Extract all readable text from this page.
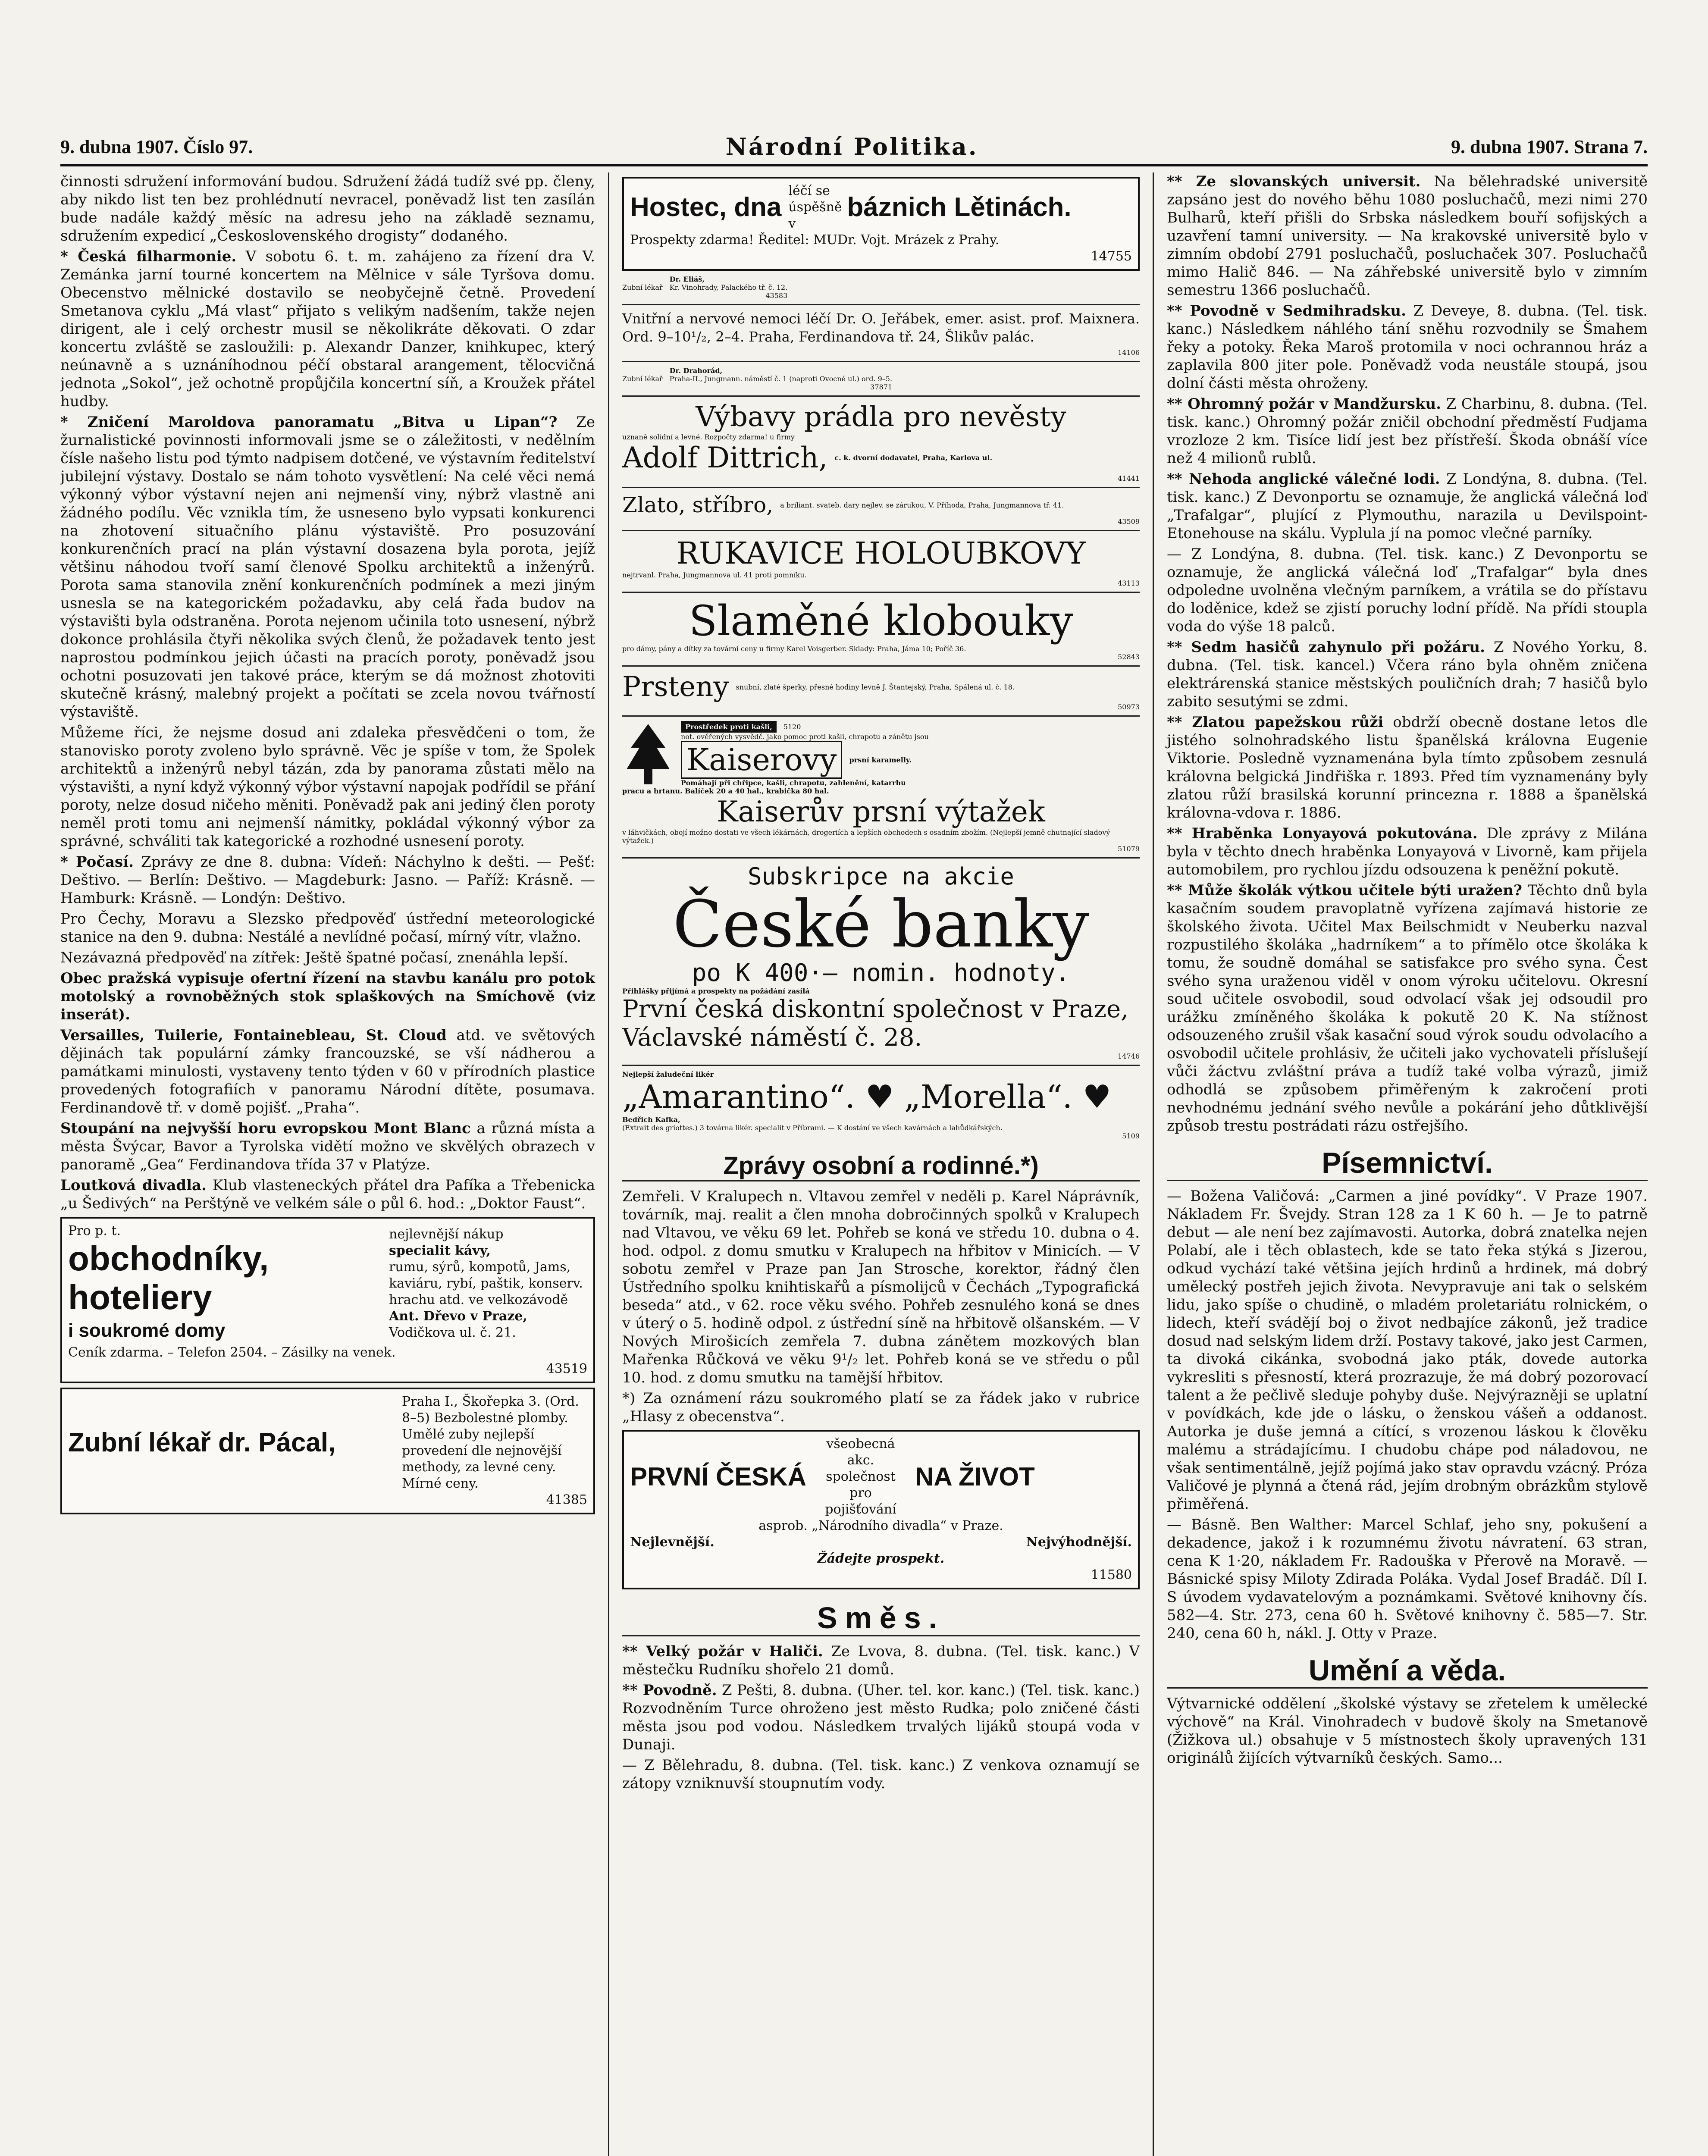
9. dubna 1907. Číslo 97.	Národní Politika.	9. dubna 1907. Strana 7.

činnosti sdružení informování budou. Sdružení žádá tudíž své pp. členy, aby nikdo list ten bez prohlédnutí nevracel, poněvadž list ten zasílán bude nadále každý měsíc na adresu jeho na základě seznamu, sdružením expedicí „Československého drogisty“ dodaného.

* Česká filharmonie. V sobotu 6. t. m. zahájeno za řízení dra V. Zemánka jarní tourné koncertem na Mělnice v sále Tyršova domu. Obecenstvo mělnické dostavilo se neobyčejně četně. Provedení Smetanova cyklu „Má vlast“ přijato s velikým nadšením, takže nejen dirigent, ale i celý orchestr musil se několikráte děkovati. O zdar koncertu zvláště se zasloužili: p. Alexandr Danzer, knihkupec, který neúnavně a s uznáníhodnou péčí obstaral arangement, tělocvičná jednota „Sokol“, jež ochotně propůjčila koncertní síň, a Kroužek přátel hudby.

* Zničení Maroldova panoramatu „Bitva u Lipan“? Ze žurnalistické povinnosti informovali jsme se o záležitosti, v nedělním čísle našeho listu pod týmto nadpisem dotčené, ve výstavním ředitelství jubilejní výstavy. Dostalo se nám tohoto vysvětlení: Na celé věci nemá výkonný výbor výstavní nejen ani nejmenší viny, nýbrž vlastně ani žádného podílu. Věc vznikla tím, že usneseno bylo vypsati konkurenci na zhotovení situačního plánu výstaviště. Pro posuzování konkurenčních prací na plán výstavní dosazena byla porota, jejíž většinu náhodou tvoří samí členové Spolku architektů a inženýrů. Porota sama stanovila znění konkurenčních podmínek a mezi jiným usnesla se na kategorickém požadavku, aby celá řada budov na výstavišti byla odstraněna. Porota nejenom učinila toto usnesení, nýbrž dokonce prohlásila čtyři několika svých členů, že požadavek tento jest naprostou podmínkou jejich účasti na pracích poroty, poněvadž jsou ochotni posuzovati jen takové práce, kterým se dá možnost zhotoviti skutečně krásný, malebný projekt a počítati se zcela novou tvářností výstaviště.

Můžeme říci, že nejsme dosud ani zdaleka přesvědčeni o tom, že stanovisko poroty zvoleno bylo správně. Věc je spíše v tom, že Spolek architektů a inženýrů nebyl tázán, zda by panorama zůstati mělo na výstavišti, a nyní když výkonný výbor výstavní napojak podřídil se přání poroty, nelze dosud ničeho měniti. Poněvadž pak ani jediný člen poroty neměl proti tomu ani nejmenší námitky, pokládal výkonný výbor za správné, schváliti tak kategorické a rozhodné usnesení poroty.

* Počasí. Zprávy ze dne 8. dubna: Vídeň: Náchylno k dešti. — Pešť: Deštivo. — Berlín: Deštivo. — Magdeburk: Jasno. — Paříž: Krásně. — Hamburk: Krásně. — Londýn: Deštivo.

Pro Čechy, Moravu a Slezsko předpověď ústřední meteorologické stanice na den 9. dubna: Nestálé a nevlídné počasí, mírný vítr, vlažno.

Nezávazná předpověď na zítřek: Ještě špatné počasí, znenáhla lepší.

Obec pražská vypisuje ofertní řízení na stavbu kanálu pro potok motolský a rovnoběžných stok splaškových na Smíchově (viz inserát).

Versailles, Tuilerie, Fontainebleau, St. Cloud atd. ve světových dějinách tak populární zámky francouzské, se vší nádherou a památkami minulosti, vystaveny tento týden v 60 v přírodních plastice provedených fotografiích v panoramu Národní dítěte, posumava. Ferdinandově tř. v domě pojišť. „Praha“.

Stoupání na nejvyšší horu evropskou Mont Blanc a různá místa a města Švýcar, Bavor a Tyrolska vidětí možno ve skvělých obrazech v panoramě „Gea“ Ferdinandova třída 37 v Platýze.

Loutková divadla. Klub vlasteneckých přátel dra Pafíka a Třebenicka „u Šedivých“ na Perštýně ve velkém sále o půl 6. hod.: „Doktor Faust“.

Pro p. t.
obchodníky,
hoteliery
i soukromé domy
nejlevnější nákup
specialit kávy,
rumu, sýrů, kompotů, Jams, kaviáru, rybí, paštik, konserv. hrachu atd. ve velkozávodě
Ant. Dřevo v Praze,
Vodičkova ul. č. 21.
Ceník zdarma. – Telefon 2504. – Zásilky na venek.
43519
Zubní lékař dr. Pácal,
Praha I., Škořepka 3. (Ord. 8–5) Bezbolestné plomby. Umělé zuby nejlepší provedení dle nejnovější methody, za levné ceny. Mírné ceny.
41385
Hostec, dna
léčí se úspěšně v
báznich Lětinách.
Prospekty zdarma! Ředitel: MUDr. Vojt. Mrázek z Prahy.
14755
Zubní lékař
Dr. Eliáš,
Kr. Vinohrady, Palackého tř. č. 12.
43583

Vnitřní a nervové nemoci léčí Dr. O. Jeřábek, emer. asist. prof. Maixnera. Ord. 9–10¹/₂, 2–4. Praha, Ferdinandova tř. 24, Šlikův palác.

14106
Zubní lékař
Dr. Drahorád,
Praha-II., Jungmann. náměstí č. 1 (naproti Ovocné ul.) ord. 9–5.
37871
Výbavy prádla pro nevěsty
uznaně solidní a levné. Rozpočty zdarma! u firmy
Adolf Dittrich, c. k. dvorní dodavatel, Praha, Karlova ul.
41441
Zlato, stříbro, a briliant. svateb. dary nejlev. se zárukou, V. Příhoda, Praha, Jungmannova tř. 41.
43509
RUKAVICE HOLOUBKOVY
nejtrvanl. Praha, Jungmannova ul. 41 proti pomníku.
43113
Slaměné klobouky
pro dámy, pány a dítky za tovární ceny u firmy Karel Voisgerber. Sklady: Praha, Jáma 10; Poříč 36.
52843
Prsteny snubní, zlaté šperky, přesné hodiny levně J. Štantejský, Praha, Spálená ul. č. 18.
50973
Prostředek proti kašli,	5120
not. ověřených vysvědč. jako pomoc proti kašli, chrapotu a zánětu jsou
Kaiserovy	prsní karamelly.
Pomáhají při chřipce, kašli, chrapotu, zahlenění, katarrhu
pracu a hrtanu. Balíček 20 a 40 hal., krabička 80 hal.
Kaiserův prsní výtažek
v láhvičkách, obojí možno dostati ve všech lékárnách, drogeriích a lepších obchodech s osadním zbožím. (Nejlepší jemně chutnající sladový výtažek.)
51079
Subskripce na akcie
České banky
po K 400·– nomin. hodnoty.
Přihlášky přijímá a prospekty na požádání zasílá
První česká diskontní společnost v Praze, Václavské náměstí č. 28.
14746
Nejlepší žaludeční likér
„Amarantino“. ♥ „Morella“. ♥
Bedřich Kafka,
(Extrait des griottes.) 3 továrna likér. specialit v Příbrami. — K dostání ve všech kavárnách a lahůdkářských.
5109
Zprávy osobní a rodinné.*)

Zemřeli. V Kralupech n. Vltavou zemřel v neděli p. Karel Náprávník, továrník, maj. realit a člen mnoha dobročinných spolků v Kralupech nad Vltavou, ve věku 69 let. Pohřeb se koná ve středu 10. dubna o 4. hod. odpol. z domu smutku v Kralupech na hřbitov v Minicích. — V sobotu zemřel v Praze pan Jan Strosche, korektor, řádný člen Ústředního spolku knihtiskařů a písmolijců v Čechách „Typografická beseda“ atd., v 62. roce věku svého. Pohřeb zesnulého koná se dnes v úterý o 5. hodině odpol. z ústřední síně na hřbitově olšanském. — V Nových Mirošicích zemřela 7. dubna zánětem mozkových blan Mařenka Růčková ve věku 9¹/₂ let. Pohřeb koná se ve středu o půl 10. hod. z domu smutku na tamější hřbitov.

*) Za oznámení rázu soukromého platí se za řádek jako v rubrice „Hlasy z obecenstva“.

PRVNÍ ČESKÁ
všeobecná akc. společnost pro pojišťování
NA ŽIVOT
asprob. „Národního divadla“ v Praze.
Nejlevnější.	Nejvýhodnější.
Žádejte prospekt.
11580
Směs.

** Velký požár v Haliči. Ze Lvova, 8. dubna. (Tel. tisk. kanc.) V městečku Rudníku shořelo 21 domů.

** Povodně. Z Pešti, 8. dubna. (Uher. tel. kor. kanc.) (Tel. tisk. kanc.) Rozvodněním Turce ohroženo jest město Rudka; polo zničené části města jsou pod vodou. Následkem trvalých lijáků stoupá voda v Dunaji.

— Z Bělehradu, 8. dubna. (Tel. tisk. kanc.) Z venkova oznamují se zátopy vzniknuvší stoupnutím vody.

** Ze slovanských universit. Na bělehradské universitě zapsáno jest do nového běhu 1080 posluchačů, mezi nimi 270 Bulharů, kteří přišli do Srbska následkem bouří sofijských a uzavření tamní university. — Na krakovské universitě bylo v zimním období 2791 posluchačů, posluchaček 307. Posluchačů mimo Halič 846. — Na záhřebské universitě bylo v zimním semestru 1366 posluchačů.

** Povodně v Sedmihradsku. Z Deveye, 8. dubna. (Tel. tisk. kanc.) Následkem náhlého tání sněhu rozvodnily se Šmahem řeky a potoky. Řeka Maroš protomila v noci ochrannou hráz a zaplavila 800 jiter pole. Poněvadž voda neustále stoupá, jsou dolní části města ohroženy.

** Ohromný požár v Mandžursku. Z Charbinu, 8. dubna. (Tel. tisk. kanc.) Ohromný požár zničil obchodní předměstí Fudjama vrozloze 2 km. Tisíce lidí jest bez přístřeší. Škoda obnáší více než 4 milionů rublů.

** Nehoda anglické válečné lodi. Z Londýna, 8. dubna. (Tel. tisk. kanc.) Z Devonportu se oznamuje, že anglická válečná loď „Trafalgar“, plující z Plymouthu, narazila u Devilspoint-Etonehouse na skálu. Vyplula jí na pomoc vlečné parníky.

— Z Londýna, 8. dubna. (Tel. tisk. kanc.) Z Devonportu se oznamuje, že anglická válečná loď „Trafalgar“ byla dnes odpoledne uvolněna vlečným parníkem, a vrátila se do přístavu do loděnice, kdež se zjistí poruchy lodní přídě. Na přídi stoupla voda do výše 18 palců.

** Sedm hasičů zahynulo při požáru. Z Nového Yorku, 8. dubna. (Tel. tisk. kancel.) Včera ráno byla ohněm zničena elektrárenská stanice městských pouličních drah; 7 hasičů bylo zabito sesutými se zdmi.

** Zlatou papežskou růži obdrží obecně dostane letos dle jistého solnohradského listu španělská královna Eugenie Viktorie. Posledně vyznamenána byla tímto způsobem zesnulá královna belgická Jindřiška r. 1893. Před tím vyznamenány byly zlatou růží brasilská korunní princezna r. 1888 a španělská královna-vdova r. 1886.

** Hraběnka Lonyayová pokutována. Dle zprávy z Milána byla v těchto dnech hraběnka Lonyayová v Livorně, kam přijela automobilem, pro rychlou jízdu odsouzena k peněžní pokutě.

** Může školák výtkou učitele býti uražen? Těchto dnů byla kasačním soudem pravoplatně vyřízena zajímavá historie ze školského života. Učitel Max Beilschmidt v Neuberku nazval rozpustilého školáka „hadrníkem“ a to přímělo otce školáka k tomu, že soudně domáhal se satisfakce pro svého syna. Čest svého syna uraženou viděl v onom výroku učitelovu. Okresní soud učitele osvobodil, soud odvolací však jej odsoudil pro urážku zmíněného školáka k pokutě 20 K. Na stížnost odsouzeného zrušil však kasační soud výrok soudu odvolacího a osvobodil učitele prohlásiv, že učiteli jako vychovateli příslušejí vůči žáctvu zvláštní práva a tudíž také volba výrazů, jimiž odhodlá se způsobem přiměřeným k zakročení proti nevhodnému jednání svého nevůle a pokárání jeho důtklivější způsob trestu postrádati rázu ostřejšího.

Písemnictví.

— Božena Valičová: „Carmen a jiné povídky“. V Praze 1907. Nákladem Fr. Švejdy. Stran 128 za 1 K 60 h. — Je to patrně debut — ale není bez zajímavosti. Autorka, dobrá znatelka nejen Polabí, ale i těch oblastech, kde se tato řeka stýká s Jizerou, odkud vychází také většina jejích hrdinů a hrdinek, má dobrý umělecký postřeh jejich života. Nevypravuje ani tak o selském lidu, jako spíše o chudině, o mladém proletariátu rolnickém, o lidech, kteří svádějí boj o život nedbajíce zákonů, jež tradice dosud nad selským lidem drží. Postavy takové, jako jest Carmen, ta divoká cikánka, svobodná jako pták, dovede autorka vykresliti s přesností, která prozrazuje, že má dobrý pozorovací talent a že pečlivě sleduje pohyby duše. Nejvýrazněji se uplatní v povídkách, kde jde o lásku, o ženskou vášeň a oddanost. Autorka je duše jemná a cítící, s vrozenou láskou k člověku malému a strádajícímu. I chudobu chápe pod náladovou, ne však sentimentálně, jejíž pojímá jako stav opravdu vzácný. Próza Valičové je plynná a čtená rád, jejím drobným obrázkům stylově přiměřená.

— Básně. Ben Walther: Marcel Schlaf, jeho sny, pokušení a dekadence, jakož i k rozumnému životu návratení. 63 stran, cena K 1·20, nákladem Fr. Radouška v Přerově na Moravě. — Básnické spisy Miloty Zdirada Poláka. Vydal Josef Bradáč. Díl I. S úvodem vydavatelovým a poznámkami. Světové knihovny čís. 582—4. Str. 273, cena 60 h. Světové knihovny č. 585—7. Str. 240, cena 60 h, nákl. J. Otty v Praze.

Umění a věda.

Výtvarnické oddělení „školské výstavy se zřetelem k umělecké výchově“ na Král. Vinohradech v budově školy na Smetanově (Žižkova ul.) obsahuje v 5 místnostech školy upravených 131 originálů žijících výtvarníků českých. Samo...
